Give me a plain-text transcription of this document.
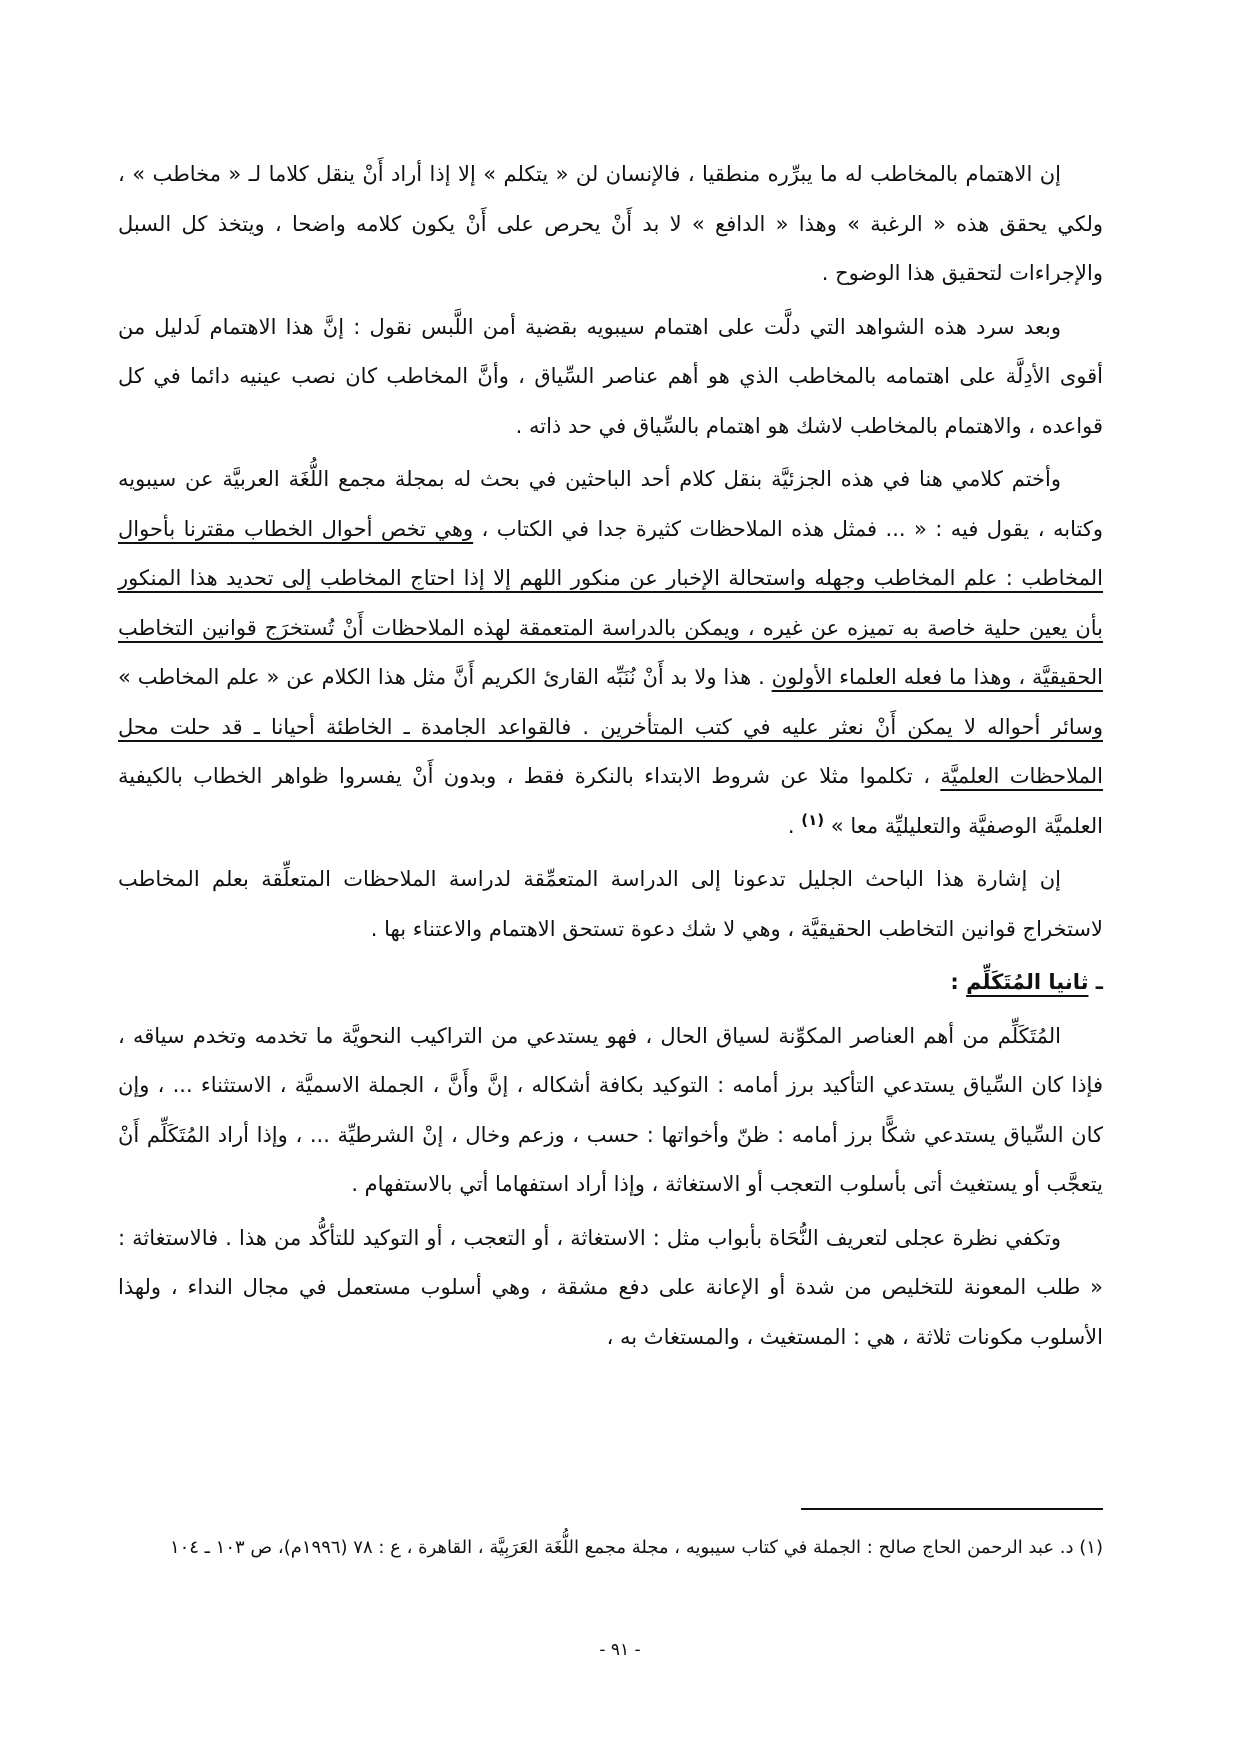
إن الاهتمام بالمخاطب له ما يبرِّره منطقيا ، فالإنسان لن « يتكلم » إلا إذا أراد أَنْ ينقل كلاما لـ « مخاطب » ، ولكي يحقق هذه « الرغبة » وهذا « الدافع » لا بد أَنْ يحرص على أَنْ يكون كلامه واضحا ، ويتخذ كل السبل والإجراءات لتحقيق هذا الوضوح .

وبعد سرد هذه الشواهد التي دلَّت على اهتمام سيبويه بقضية أمن اللَّبس نقول : إنَّ هذا الاهتمام لَدليل من أقوى الأدِلَّة على اهتمامه بالمخاطب الذي هو أهم عناصر السِّياق ، وأنَّ المخاطب كان نصب عينيه دائما في كل قواعده ، والاهتمام بالمخاطب لاشك هو اهتمام بالسِّياق في حد ذاته .

وأختم كلامي هنا في هذه الجزئيَّة بنقل كلام أحد الباحثين في بحث له بمجلة مجمع اللُّغَة العربيَّة عن سيبويه وكتابه ، يقول فيه : « ... فمثل هذه الملاحظات كثيرة جدا في الكتاب ، وهي تخص أحوال الخطاب مقترنا بأحوال المخاطب : علم المخاطب وجهله واستحالة الإخبار عن منكور اللهم إلا إذا احتاج المخاطب إلى تحديد هذا المنكور بأن يعين حلية خاصة به تميزه عن غيره ، ويمكن بالدراسة المتعمقة لهذه الملاحظات أَنْ تُستخرَج قوانين التخاطب الحقيقيَّة ، وهذا ما فعله العلماء الأولون . هذا ولا بد أَنْ نُنَبِّه القارئ الكريم أَنَّ مثل هذا الكلام عن « علم المخاطب » وسائر أحواله لا يمكن أَنْ نعثر عليه في كتب المتأخرين . فالقواعد الجامدة ـ الخاطئة أحيانا ـ قد حلت محل الملاحظات العلميَّة ، تكلموا مثلا عن شروط الابتداء بالنكرة فقط ، وبدون أَنْ يفسروا ظواهر الخطاب بالكيفية العلميَّة الوصفيَّة والتعليليِّة معا » $^{(١)}$ .

إن إشارة هذا الباحث الجليل تدعونا إلى الدراسة المتعمِّقة لدراسة الملاحظات المتعلِّقة بعلم المخاطب لاستخراج قوانين التخاطب الحقيقيَّة ، وهي لا شك دعوة تستحق الاهتمام والاعتناء بها .

ـ ثانيا المُتَكَلِّم :

المُتَكَلِّم من أهم العناصر المكوِّنة لسياق الحال ، فهو يستدعي من التراكيب النحويَّة ما تخدمه وتخدم سياقه ، فإذا كان السِّياق يستدعي التأكيد برز أمامه : التوكيد بكافة أشكاله ، إنَّ وأَنَّ ، الجملة الاسميَّة ، الاستثناء ... ، وإن كان السِّياق يستدعي شكًّا برز أمامه : ظنّ وأخواتها : حسب ، وزعم وخال ، إنْ الشرطيِّة ... ، وإذا أراد المُتَكَلِّم أَنْ يتعجَّب أو يستغيث أتى بأسلوب التعجب أو الاستغاثة ، وإذا أراد استفهاما أتي بالاستفهام .

وتكفي نظرة عجلى لتعريف النُّحَاة بأبواب مثل : الاستغاثة ، أو التعجب ، أو التوكيد للتأكُّد من هذا . فالاستغاثة : « طلب المعونة للتخليص من شدة أو الإعانة على دفع مشقة ، وهي أسلوب مستعمل في مجال النداء ، ولهذا الأسلوب مكونات ثلاثة ، هي : المستغيث ، والمستغاث به ،

(١) د. عبد الرحمن الحاج صالح : الجملة في كتاب سيبويه ، مجلة مجمع اللُّغَة العَرَبِيَّة ، القاهرة ، ع : ٧٨ (١٩٩٦م)، ص ١٠٣ ـ ١٠٤
- ٩١ -
